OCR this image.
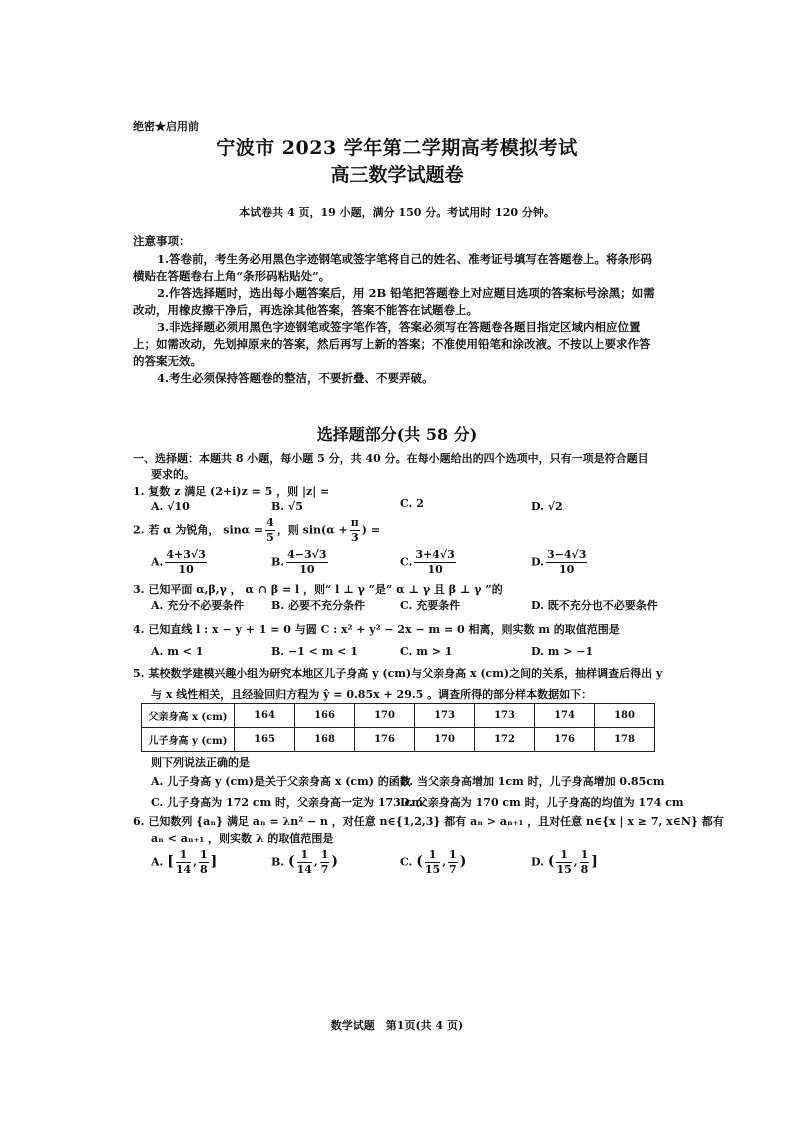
绝密★启用前
宁波市 2023 学年第二学期高考模拟考试
高三数学试题卷
本试卷共 4 页，19 小题，满分 150 分。考试用时 120 分钟。
注意事项：

1.答卷前，考生务必用黑色字迹钢笔或签字笔将自己的姓名、准考证号填写在答题卷上。将条形码横贴在答题卷右上角“条形码粘贴处”。

2.作答选择题时，选出每小题答案后，用 2B 铅笔把答题卷上对应题目选项的答案标号涂黑；如需改动，用橡皮擦干净后，再选涂其他答案，答案不能答在试题卷上。

3.非选择题必须用黑色字迹钢笔或签字笔作答，答案必须写在答题卷各题目指定区域内相应位置上；如需改动，先划掉原来的答案，然后再写上新的答案；不准使用铅笔和涂改液。不按以上要求作答的答案无效。

4.考生必须保持答题卷的整洁，不要折叠、不要弄破。

选择题部分(共 58 分)
一、选择题：本题共 8 小题，每小题 5 分，共 40 分。在每小题给出的四个选项中，只有一项是符合题目
要求的。
1. 复数 z 满足 (2+i)z = 5 ，则 |z| =
A. √10	B. √5	C. 2	D. √2
2. 若 α 为锐角， $\sin\alpha = \frac{4}{5}$ ，则 $\sin(\alpha + \frac{\pi}{3}$ ) =
A. $\frac{4+3√3}{10}$	B. $\frac{4-3√3}{10}$	C. $\frac{3+4√3}{10}$	D. $\frac{3-4√3}{10}$
3. 已知平面 α,β,γ ， α ∩ β = l ，则“ l ⊥ γ ”是“ α ⊥ γ 且 β ⊥ γ ”的
A. 充分不必要条件 B. 必要不充分条件	C. 充要条件	D. 既不充分也不必要条件
4. 已知直线 l : x − y + 1 = 0 与圆 C : x² + y² − 2x − m = 0 相离，则实数 m 的取值范围是
A. m < 1	B. −1 < m < 1	C. m > 1	D. m > −1
5. 某校数学建模兴趣小组为研究本地区儿子身高 y (cm)与父亲身高 x (cm)之间的关系，抽样调查后得出 y
与 x 线性相关，且经验回归方程为 ŷ = 0.85x + 29.5 。调查所得的部分样本数据如下：
父亲身高 x (cm)	164	166	170	173	173	174	180
儿子身高 y (cm)	165	168	176	170	172	176	178
则下列说法正确的是
A. 儿子身高 y (cm)是关于父亲身高 x (cm) 的函数
B. 当父亲身高增加 1cm 时，儿子身高增加 0.85cm
C. 儿子身高为 172 cm 时，父亲身高一定为 173 cm
D. 父亲身高为 170 cm 时，儿子身高的均值为 174 cm
6. 已知数列 {aₙ} 满足 aₙ = λn² − n ，对任意 n∈{1,2,3} 都有 aₙ > aₙ₊₁ ，且对任意 n∈{x | x ≥ 7, x∈N} 都有
aₙ < aₙ₊₁ ，则实数 λ 的取值范围是
A. [ $\frac{1}{14}$ , $\frac{1}{8}$ ]	B. ( $\frac{1}{14}$ , $\frac{1}{7}$ )	C. ( $\frac{1}{15}$ , $\frac{1}{7}$ )	D. ( $\frac{1}{15}$ , $\frac{1}{8}$ ]
数学试题　第1页(共 4 页)
